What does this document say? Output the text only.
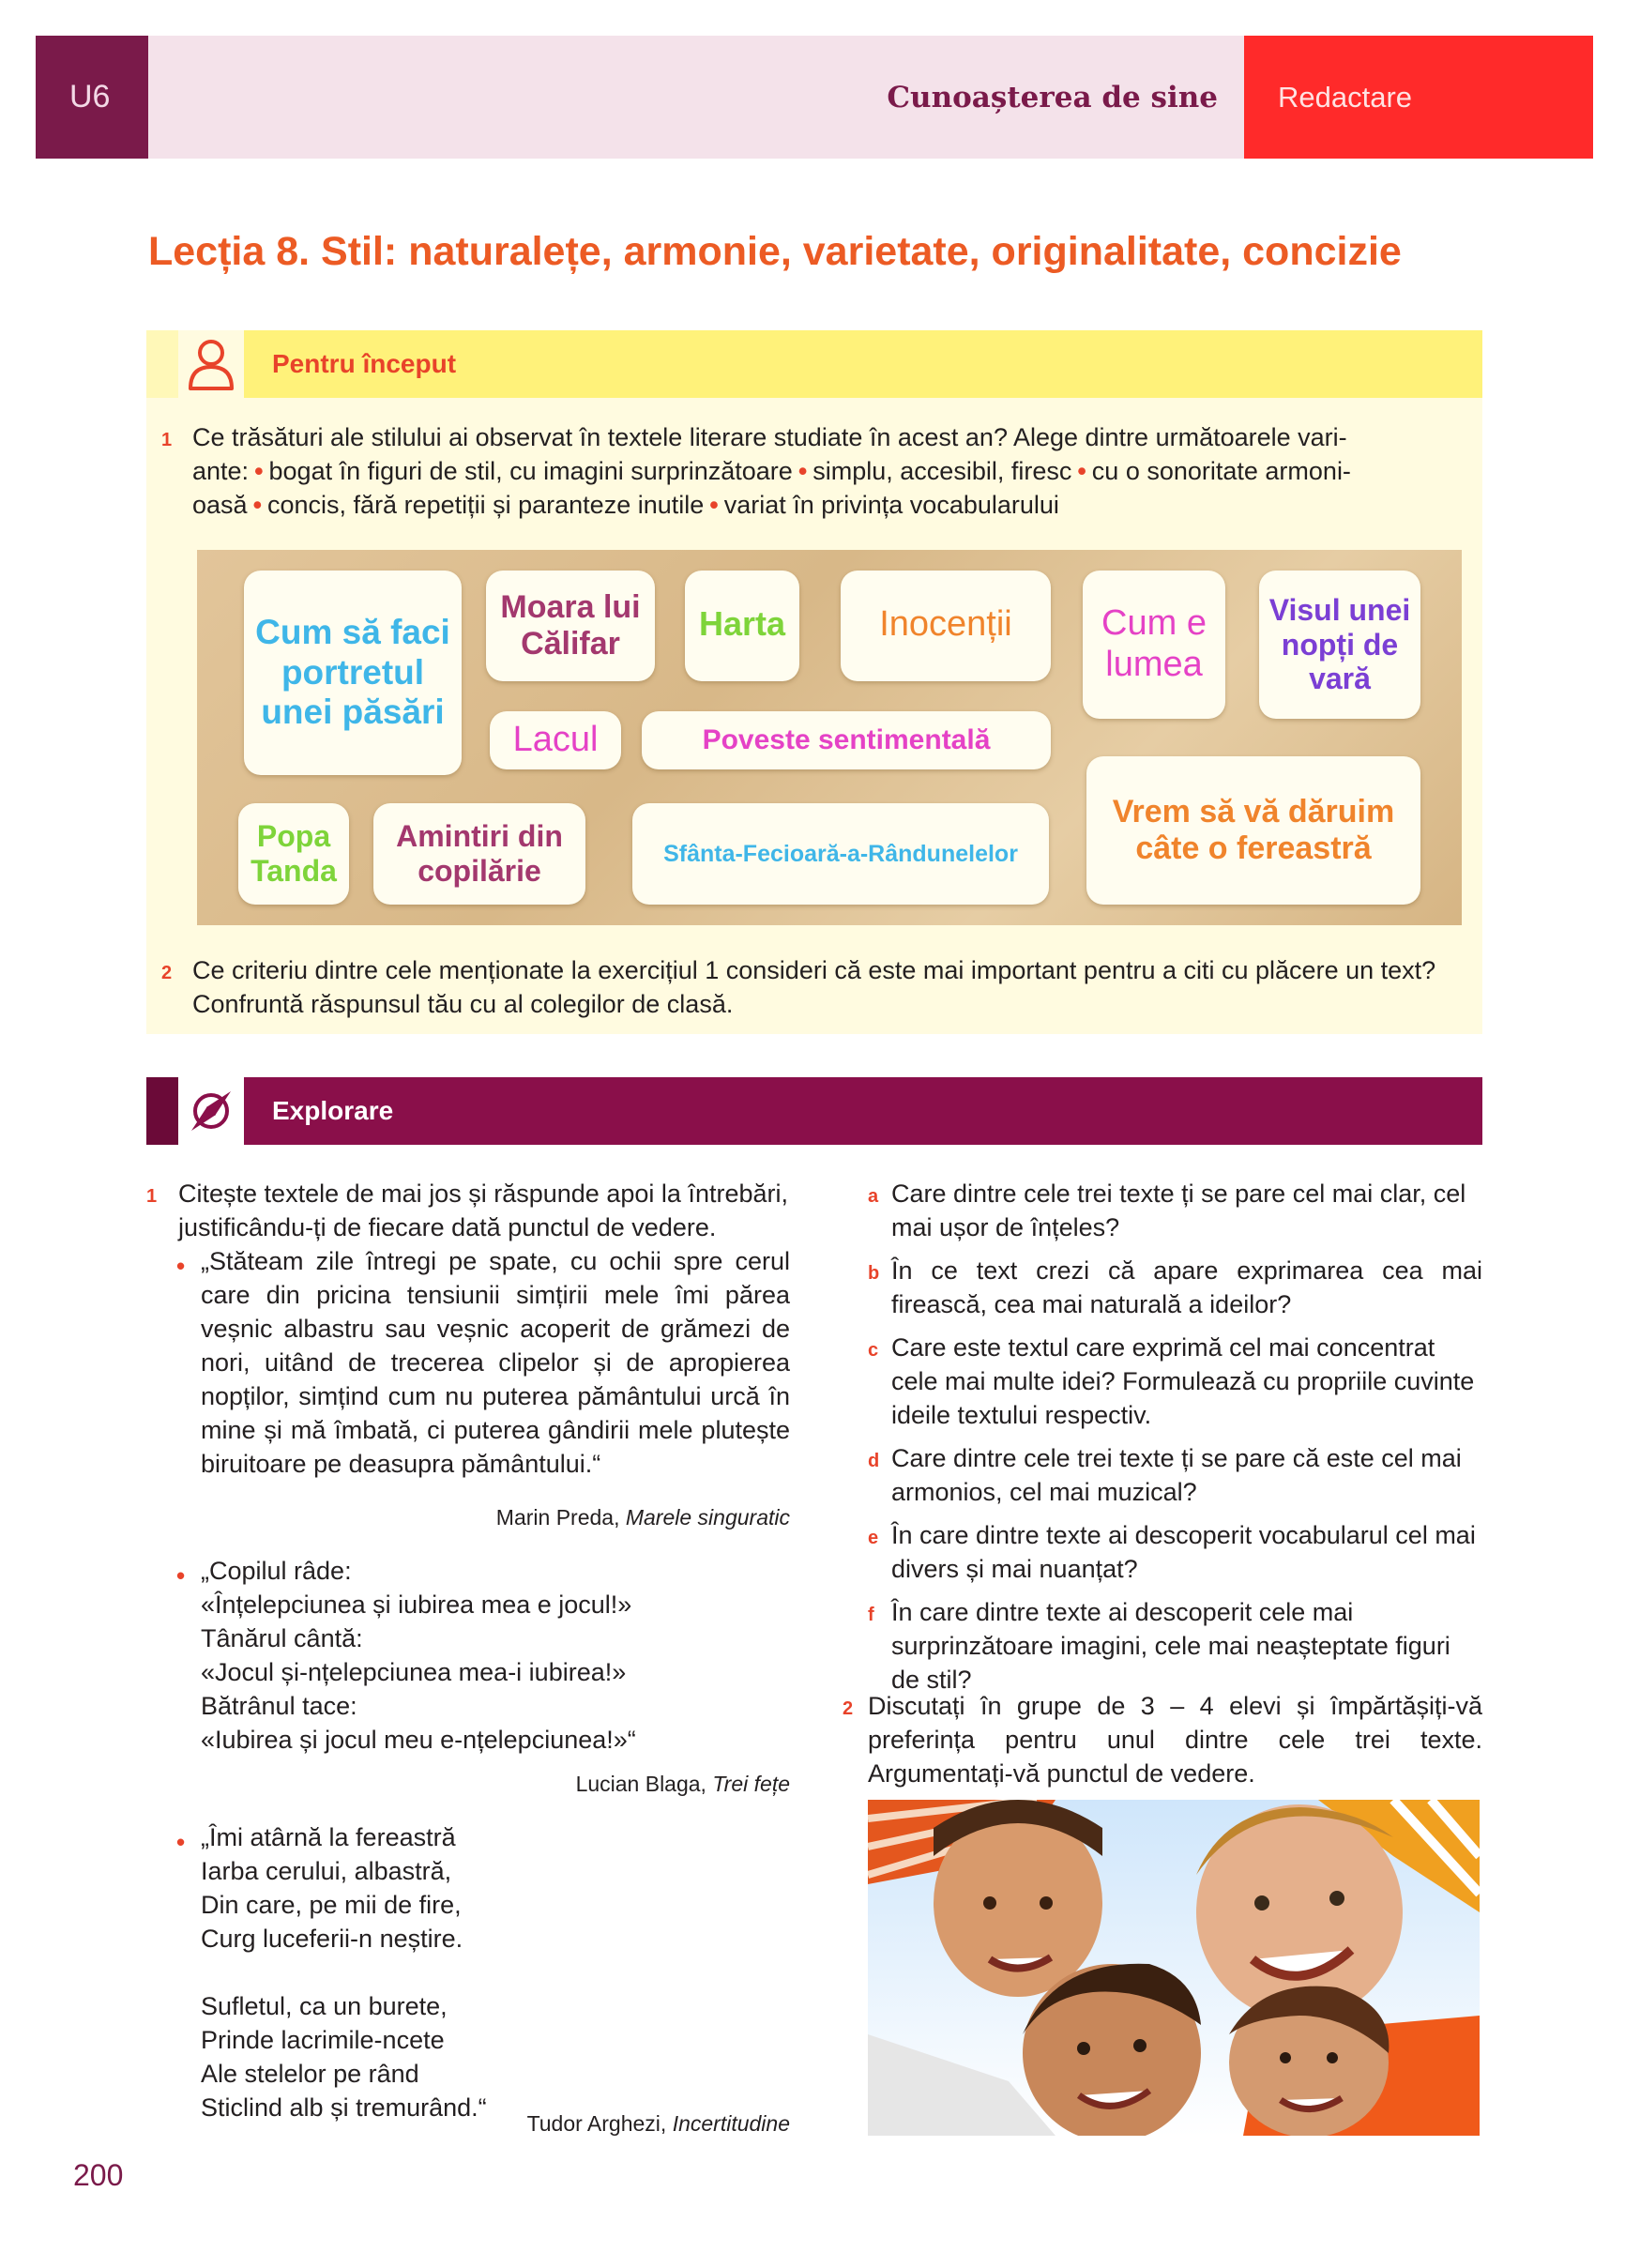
U6	Cunoașterea de sine Redactare
Lecția 8. Stil: naturalețe, armonie, varietate, originalitate, concizie
Pentru început
1 Ce trăsături ale stilului ai observat în textele literare studiate în acest an? Alege dintre următoarele vari-
ante: • bogat în figuri de stil, cu imagini surprinzătoare • simplu, accesibil, firesc • cu o sonoritate armoni-
oasă • concis, fără repetiții și paranteze inutile • variat în privința vocabularului
Cum să faci portretul unei păsări
Moara lui Călifar
Harta	Inocenții	Cum e lumea
Visul unei nopți de vară
Lacul	Poveste sentimentală
Popa Tanda
Amintiri din copilărie
Sfânta-Fecioară-a-Rândunelelor
Vrem să vă dăruim câte o fereastră
2 Ce criteriu dintre cele menționate la exercițiul 1 consideri că este mai important pentru a citi cu plăcere un text?
Confruntă răspunsul tău cu al colegilor de clasă.
Explorare
1 Citește textele de mai jos și răspunde apoi la întrebări, justificându-ți de fiecare dată punctul de vedere.
• „Stăteam zile întregi pe spate, cu ochii spre cerul care din pricina tensiunii simțirii mele îmi părea veșnic albastru sau veșnic acoperit de grămezi de nori, uitând de trecerea clipelor și de apropierea nopților, simțind cum nu puterea pământului urcă în mine și mă îmbată, ci puterea gândirii mele plutește biruitoare pe deasupra pământului.“
Marin Preda, Marele singuratic
• „Copilul râde:
«Înțelepciunea și iubirea mea e jocul!»
Tânărul cântă:
«Jocul și-nțelepciunea mea-i iubirea!»
Bătrânul tace:
«Iubirea și jocul meu e-nțelepciunea!»“
Lucian Blaga, Trei fețe
• „Îmi atârnă la fereastră
Iarba cerului, albastră,
Din care, pe mii de fire,
Curg luceferii-n neștire.
Sufletul, ca un burete,
Prinde lacrimile-ncete
Ale stelelor pe rând
Sticlind alb și tremurând.“
Tudor Arghezi, Incertitudine
a Care dintre cele trei texte ți se pare cel mai clar, cel mai ușor de înțeles?
b În ce text crezi că apare exprimarea cea mai firească, cea mai naturală a ideilor?
c Care este textul care exprimă cel mai concentrat cele mai multe idei? Formulează cu propriile cuvinte ideile textului respectiv.
d Care dintre cele trei texte ți se pare că este cel mai armonios, cel mai muzical?
e În care dintre texte ai descoperit vocabularul cel mai divers și mai nuanțat?
f În care dintre texte ai descoperit cele mai surprinzătoare imagini, cele mai neașteptate figuri de stil?
2 Discutați în grupe de 3 – 4 elevi și împărtășiți-vă preferința pentru unul dintre cele trei texte. Argumentați-vă punctul de vedere.
200
